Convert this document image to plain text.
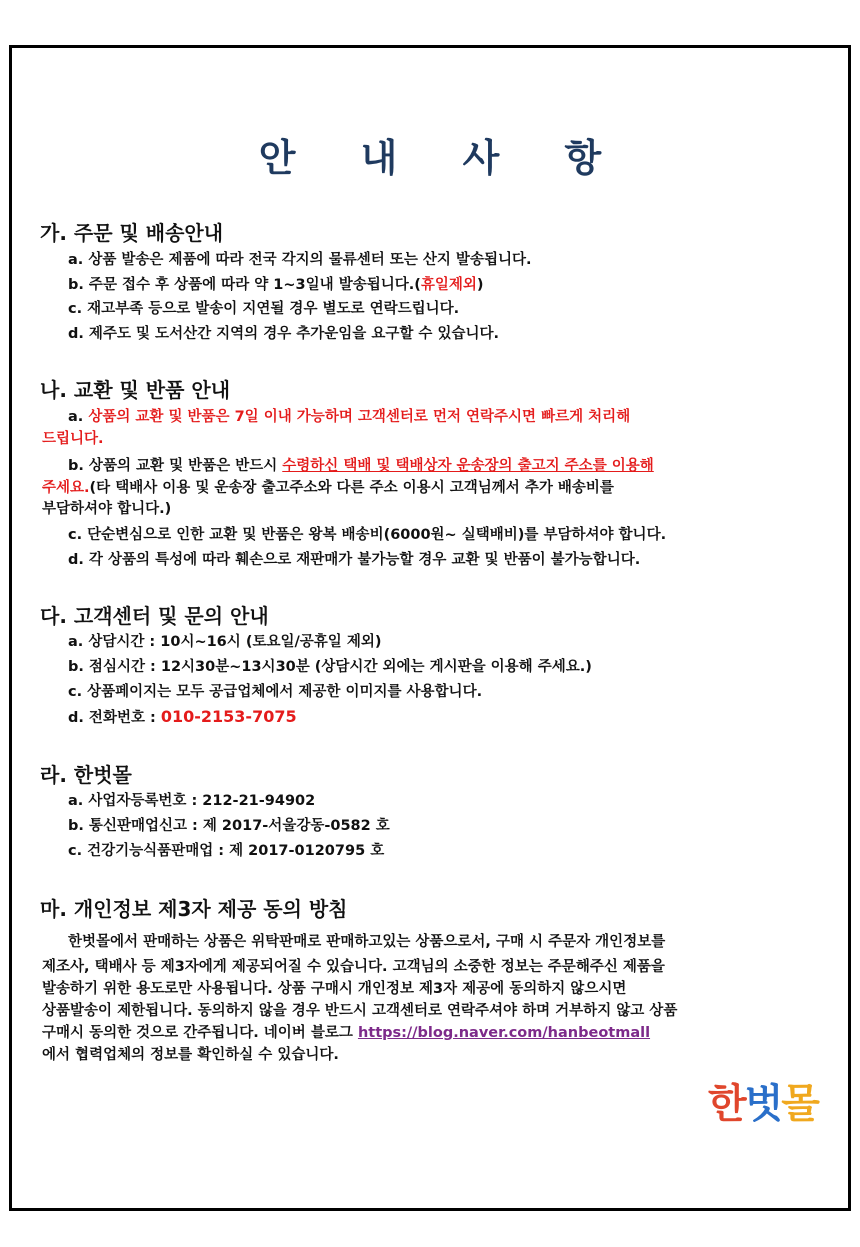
안 내 사 항
가. 주문 및 배송안내
a. 상품 발송은 제품에 따라 전국 각지의 물류센터 또는 산지 발송됩니다.
b. 주문 접수 후 상품에 따라 약 1~3일내 발송됩니다.(휴일제외)
c. 재고부족 등으로 발송이 지연될 경우 별도로 연락드립니다.
d. 제주도 및 도서산간 지역의 경우 추가운임을 요구할 수 있습니다.
나. 교환 및 반품 안내
a. 상품의 교환 및 반품은 7일 이내 가능하며 고객센터로 먼저 연락주시면 빠르게 처리해
드립니다.
b. 상품의 교환 및 반품은 반드시 수령하신 택배 및 택배상자 운송장의 출고지 주소를 이용해
주세요.(타 택배사 이용 및 운송장 출고주소와 다른 주소 이용시 고객님께서 추가 배송비를
부담하셔야 합니다.)
c. 단순변심으로 인한 교환 및 반품은 왕복 배송비(6000원~ 실택배비)를 부담하셔야 합니다.
d. 각 상품의 특성에 따라 훼손으로 재판매가 불가능할 경우 교환 및 반품이 불가능합니다.
다. 고객센터 및 문의 안내
a. 상담시간 : 10시~16시 (토요일/공휴일 제외)
b. 점심시간 : 12시30분~13시30분 (상담시간 외에는 게시판을 이용해 주세요.)
c. 상품페이지는 모두 공급업체에서 제공한 이미지를 사용합니다.
d. 전화번호 : 010-2153-7075
라. 한벗몰
a. 사업자등록번호 : 212-21-94902
b. 통신판매업신고 : 제 2017-서울강동-0582 호
c. 건강기능식품판매업 : 제 2017-0120795 호
마. 개인정보 제3자 제공 동의 방침
한벗몰에서 판매하는 상품은 위탁판매로 판매하고있는 상품으로서, 구매 시 주문자 개인정보를
제조사, 택배사 등 제3자에게 제공되어질 수 있습니다. 고객님의 소중한 정보는 주문해주신 제품을
발송하기 위한 용도로만 사용됩니다. 상품 구매시 개인정보 제3자 제공에 동의하지 않으시면
상품발송이 제한됩니다. 동의하지 않을 경우 반드시 고객센터로 연락주셔야 하며 거부하지 않고 상품
구매시 동의한 것으로 간주됩니다. 네이버 블로그 https://blog.naver.com/hanbeotmall
에서 협력업체의 정보를 확인하실 수 있습니다.
한벗몰
